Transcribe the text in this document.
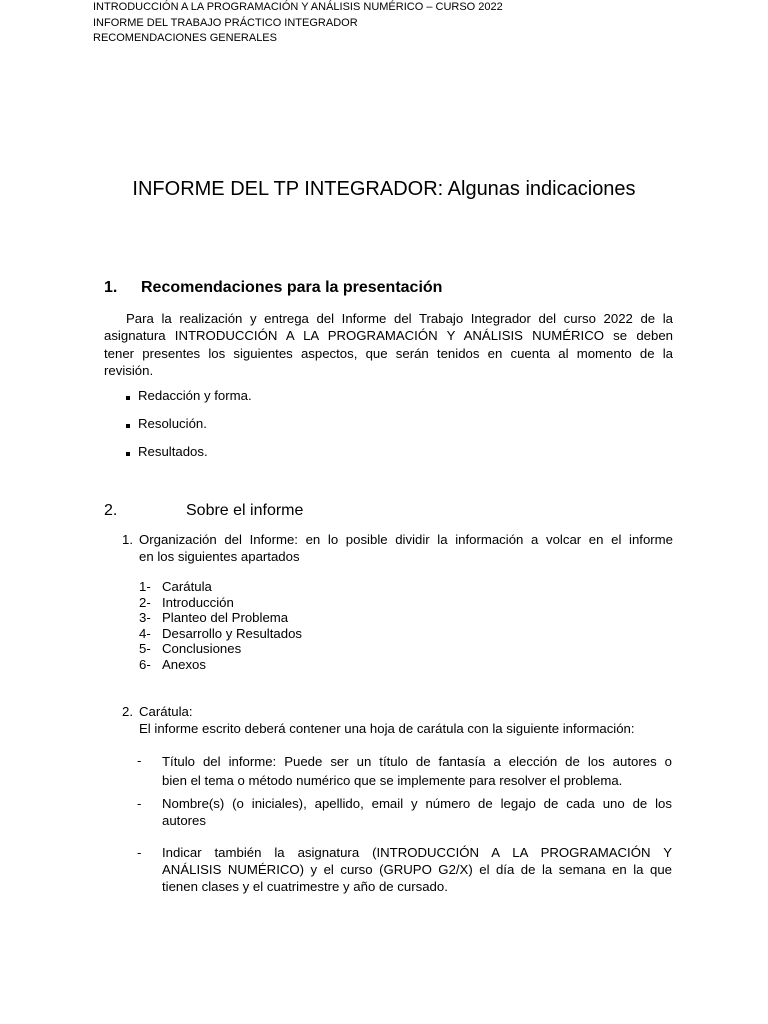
INTRODUCCIÓN A LA PROGRAMACIÓN Y ANÁLISIS NUMÉRICO – CURSO 2022
INFORME DEL TRABAJO PRÁCTICO INTEGRADOR
RECOMENDACIONES GENERALES
INFORME DEL TP INTEGRADOR: Algunas indicaciones
1. Recomendaciones para la presentación
Para la realización y entrega del Informe del Trabajo Integrador del curso 2022 de la
asignatura INTRODUCCIÓN A LA PROGRAMACIÓN Y ANÁLISIS NUMÉRICO se deben
tener presentes los siguientes aspectos, que serán tenidos en cuenta al momento de la
revisión.
Redacción y forma.
Resolución.
Resultados.
2.	Sobre el informe
1. Organización del Informe: en lo posible dividir la información a volcar en el informe
en los siguientes apartados
1- Carátula
2- Introducción
3- Planteo del Problema
4- Desarrollo y Resultados
5- Conclusiones
6- Anexos
2. Carátula:
El informe escrito deberá contener una hoja de carátula con la siguiente información:
- Título del informe: Puede ser un título de fantasía a elección de los autores o
bien el tema o método numérico que se implemente para resolver el problema.
- Nombre(s) (o iniciales), apellido, email y número de legajo de cada uno de los
autores
- Indicar también la asignatura (INTRODUCCIÓN A LA PROGRAMACIÓN Y
ANÁLISIS NUMÉRICO) y el curso (GRUPO G2/X) el día de la semana en la que
tienen clases y el cuatrimestre y año de cursado.
